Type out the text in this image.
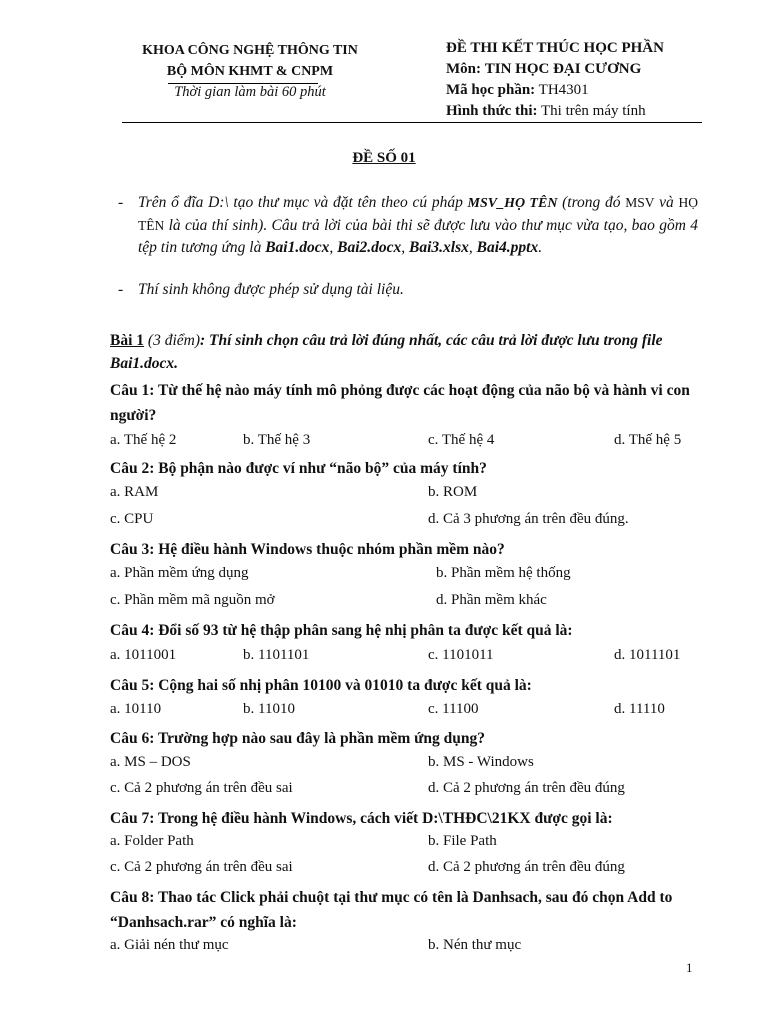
KHOA CÔNG NGHỆ THÔNG TIN
BỘ MÔN KHMT & CNPM
Thời gian làm bài 60 phút
ĐỀ THI KẾT THÚC HỌC PHẦN
Môn: TIN HỌC ĐẠI CƯƠNG
Mã học phần: TH4301
Hình thức thi: Thi trên máy tính
ĐỀ SỐ 01
- Trên ổ đĩa D:\ tạo thư mục và đặt tên theo cú pháp MSV_HỌ TÊN (trong đó MSV và HỌ TÊN là của thí sinh). Câu trả lời của bài thi sẽ được lưu vào thư mục vừa tạo, bao gồm 4 tệp tin tương ứng là Bai1.docx, Bai2.docx, Bai3.xlsx, Bai4.pptx.
- Thí sinh không được phép sử dụng tài liệu.
Bài 1 (3 điểm): Thí sinh chọn câu trả lời đúng nhất, các câu trả lời được lưu trong file Bai1.docx.
Câu 1: Từ thế hệ nào máy tính mô phỏng được các hoạt động của não bộ và hành vi con người?
a. Thế hệ 2	b. Thế hệ 3	c. Thế hệ 4	d. Thế hệ 5
Câu 2: Bộ phận nào được ví như “não bộ” của máy tính?
a. RAM	b. ROM
c. CPU	d. Cả 3 phương án trên đều đúng.
Câu 3: Hệ điều hành Windows thuộc nhóm phần mềm nào?
a. Phần mềm ứng dụng	b. Phần mềm hệ thống
c. Phần mềm mã nguồn mở	d. Phần mềm khác
Câu 4: Đổi số 93 từ hệ thập phân sang hệ nhị phân ta được kết quả là:
a. 1011001	b. 1101101	c. 1101011	d. 1011101
Câu 5: Cộng hai số nhị phân 10100 và 01010 ta được kết quả là:
a. 10110	b. 11010	c. 11100	d. 11110
Câu 6: Trường hợp nào sau đây là phần mềm ứng dụng?
a. MS – DOS	b. MS - Windows
c. Cả 2 phương án trên đều sai	d. Cả 2 phương án trên đều đúng
Câu 7: Trong hệ điều hành Windows, cách viết D:\THĐC\21KX được gọi là:
a. Folder Path	b. File Path
c. Cả 2 phương án trên đều sai	d. Cả 2 phương án trên đều đúng
Câu 8: Thao tác Click phải chuột tại thư mục có tên là Danhsach, sau đó chọn Add to “Danhsach.rar” có nghĩa là:
a. Giải nén thư mục	b. Nén thư mục
1
